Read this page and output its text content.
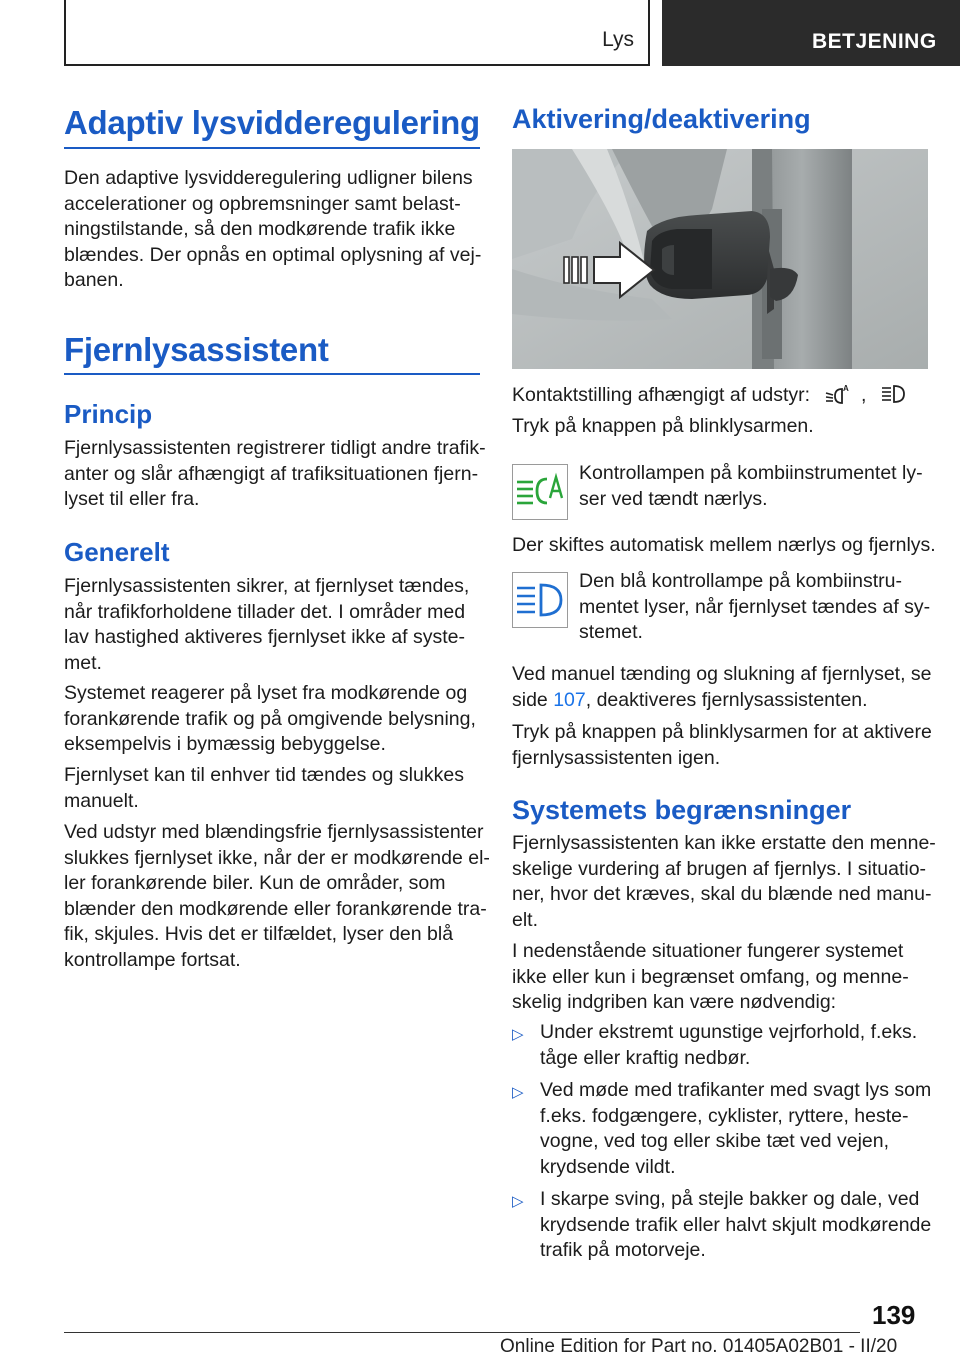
Lys	BETJENING
Adaptiv lysvidderegulering
Den adaptive lysvidderegulering udligner bilens
accelerationer og opbremsninger samt belast-
ningstilstande, så den modkørende trafik ikke
blændes. Der opnås en optimal oplysning af vej-
banen.
Fjernlysassistent
Princip
Fjernlysassistenten registrerer tidligt andre trafik-
anter og slår afhængigt af trafiksituationen fjern-
lyset til eller fra.
Generelt
Fjernlysassistenten sikrer, at fjernlyset tændes,
når trafikforholdene tillader det. I områder med
lav hastighed aktiveres fjernlyset ikke af syste-
met.
Systemet reagerer på lyset fra modkørende og
forankørende trafik og på omgivende belysning,
eksempelvis i bymæssig bebyggelse.
Fjernlyset kan til enhver tid tændes og slukkes
manuelt.
Ved udstyr med blændingsfrie fjernlysassistenter
slukkes fjernlyset ikke, når der er modkørende el-
ler forankørende biler. Kun de områder, som
blænder den modkørende eller forankørende tra-
fik, skjules. Hvis det er tilfældet, lyser den blå
kontrollampe fortsat.
Aktivering/deaktivering
Kontaktstilling afhængigt af udstyr:	A ,
Tryk på knappen på blinklysarmen.
Kontrollampen på kombiinstrumentet ly-
ser ved tændt nærlys.
Der skiftes automatisk mellem nærlys og fjernlys.
Den blå kontrollampe på kombiinstru-
mentet lyser, når fjernlyset tændes af sy-
stemet.
Ved manuel tænding og slukning af fjernlyset, se
side 107, deaktiveres fjernlysassistenten.
Tryk på knappen på blinklysarmen for at aktivere
fjernlysassistenten igen.
Systemets begrænsninger
Fjernlysassistenten kan ikke erstatte den menne-
skelige vurdering af brugen af fjernlys. I situatio-
ner, hvor det kræves, skal du blænde ned manu-
elt.
I nedenstående situationer fungerer systemet
ikke eller kun i begrænset omfang, og menne-
skelig indgriben kan være nødvendig:
▷ Under ekstremt ugunstige vejrforhold, f.eks.
tåge eller kraftig nedbør.
▷ Ved møde med trafikanter med svagt lys som
f.eks. fodgængere, cyklister, ryttere, heste-
vogne, ved tog eller skibe tæt ved vejen,
krydsende vildt.
▷ I skarpe sving, på stejle bakker og dale, ved
krydsende trafik eller halvt skjult modkørende
trafik på motorveje.
139
Online Edition for Part no. 01405A02B01 - II/20
